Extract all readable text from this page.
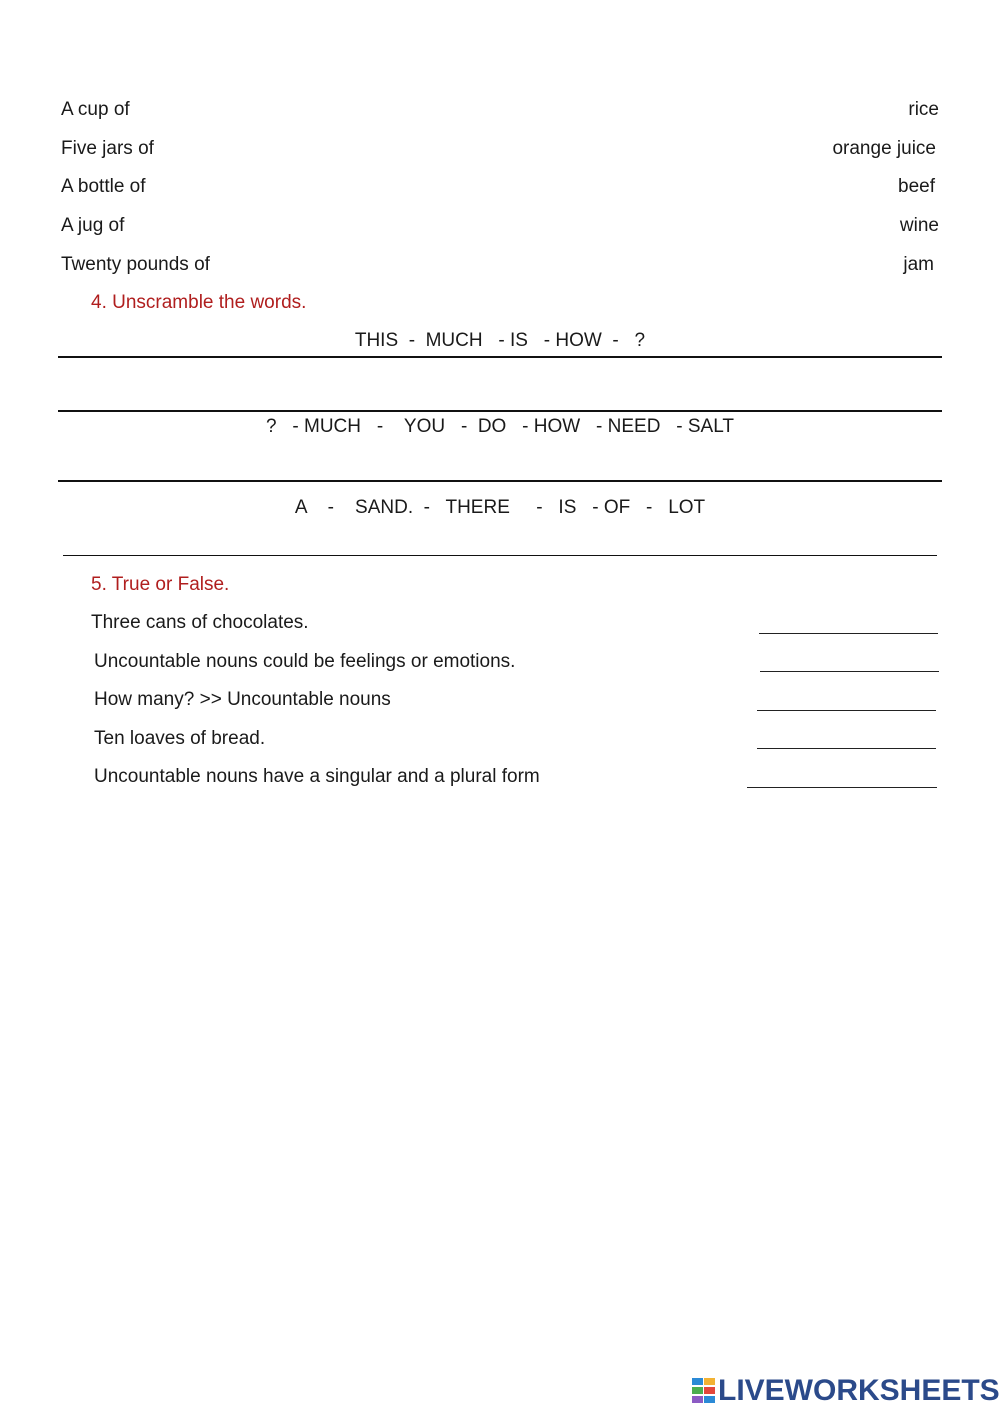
A cup of	rice
Five jars of	orange juice
A bottle of	beef
A jug of	wine
Twenty pounds of	jam
4. Unscramble the words.
THIS  -  MUCH   - IS   - HOW  -   ?
?   - MUCH   -    YOU   -  DO   - HOW   - NEED   - SALT
A    -    SAND.  -   THERE     -   IS   - OF   -   LOT
5. True or False.
Three cans of chocolates.
Uncountable nouns could be feelings or emotions.
How many? >> Uncountable nouns
Ten loaves of bread.
Uncountable nouns have a singular and a plural form
LIVEWORKSHEETS
